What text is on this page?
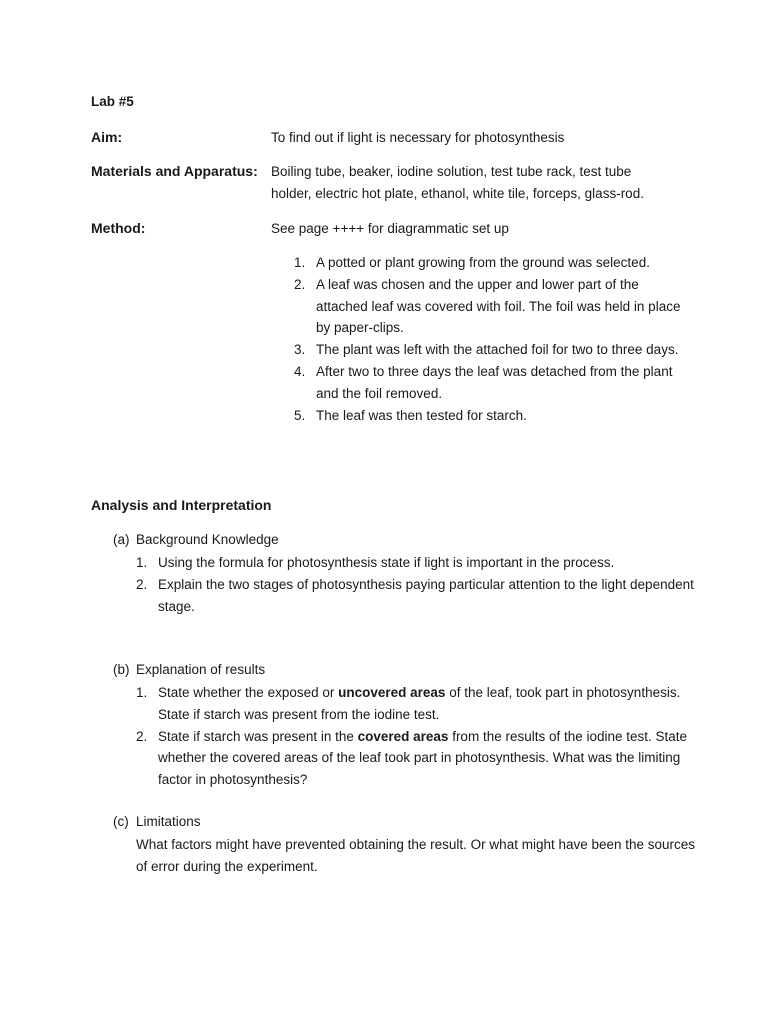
Lab #5
Aim:	To find out if light is necessary for photosynthesis
Materials and Apparatus: Boiling tube, beaker, iodine solution, test tube rack, test tube
holder, electric hot plate, ethanol, white tile, forceps, glass-rod.
Method:	See page ++++ for diagrammatic set up
1. A potted or plant growing from the ground was selected.
2. A leaf was chosen and the upper and lower part of the attached leaf was covered with foil. The foil was held in place by paper-clips.
3. The plant was left with the attached foil for two to three days.
4. After two to three days the leaf was detached from the plant and the foil removed.
5. The leaf was then tested for starch.
Analysis and Interpretation
(a) Background Knowledge
1. Using the formula for photosynthesis state if light is important in the process.
2. Explain the two stages of photosynthesis paying particular attention to the light dependent stage.
(b) Explanation of results
1. State whether the exposed or uncovered areas of the leaf, took part in photosynthesis. State if starch was present from the iodine test.
2. State if starch was present in the covered areas from the results of the iodine test. State whether the covered areas of the leaf took part in photosynthesis. What was the limiting factor in photosynthesis?
(c) Limitations
What factors might have prevented obtaining the result. Or what might have been the sources of error during the experiment.
